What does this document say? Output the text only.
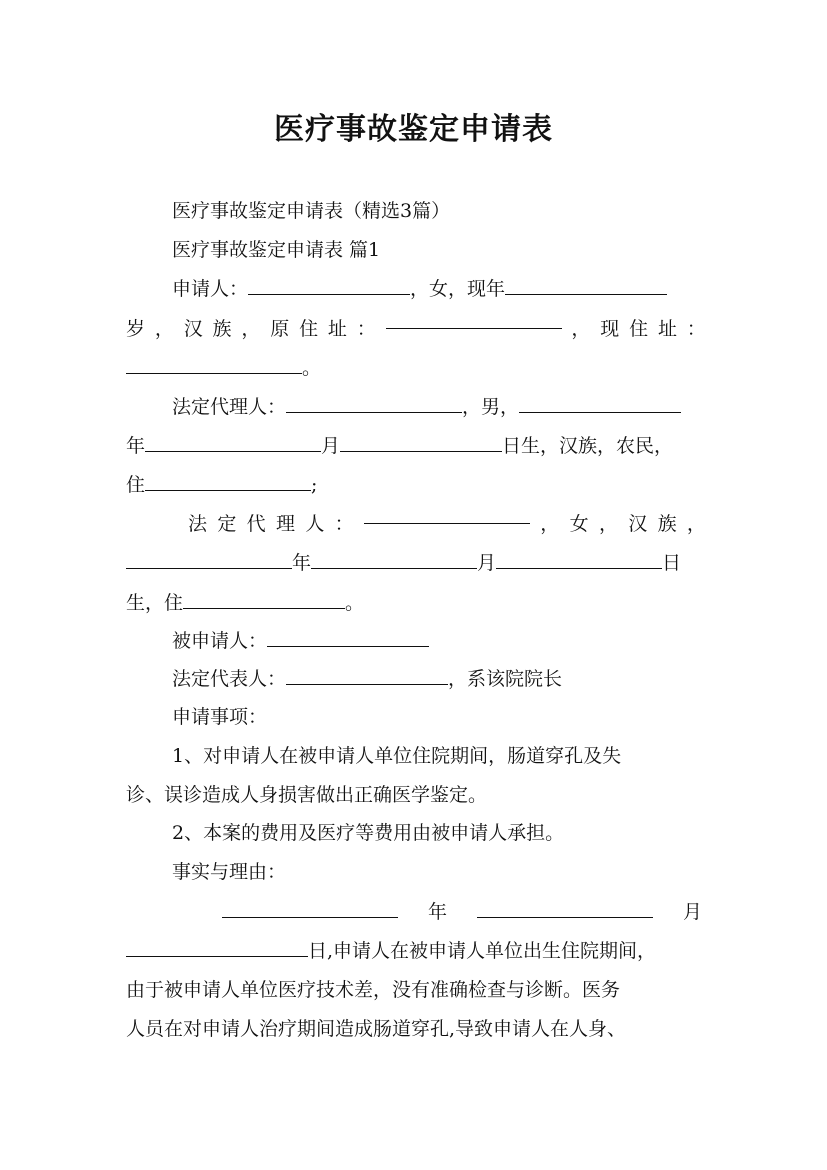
医疗事故鉴定申请表
医疗事故鉴定申请表（精选3篇）
医疗事故鉴定申请表 篇1
申请人：	，女，现年
岁 ， 汉 族 ， 原 住 址 ：	， 现 住 址 ：
。
法定代理人：	，男，
年	月	日生，汉族，农民，
住	;
法 定 代 理 人 ：	， 女 ， 汉 族 ，
年	月	日
生，住	。
被申请人：
法定代表人：	，系该院院长
申请事项：
1、对申请人在被申请人单位住院期间，肠道穿孔及失
诊、误诊造成人身损害做出正确医学鉴定。
2、本案的费用及医疗等费用由被申请人承担。
事实与理由：
年	月
日,申请人在被申请人单位出生住院期间，
由于被申请人单位医疗技术差，没有准确检查与诊断。医务
人员在对申请人治疗期间造成肠道穿孔,导致申请人在人身、
